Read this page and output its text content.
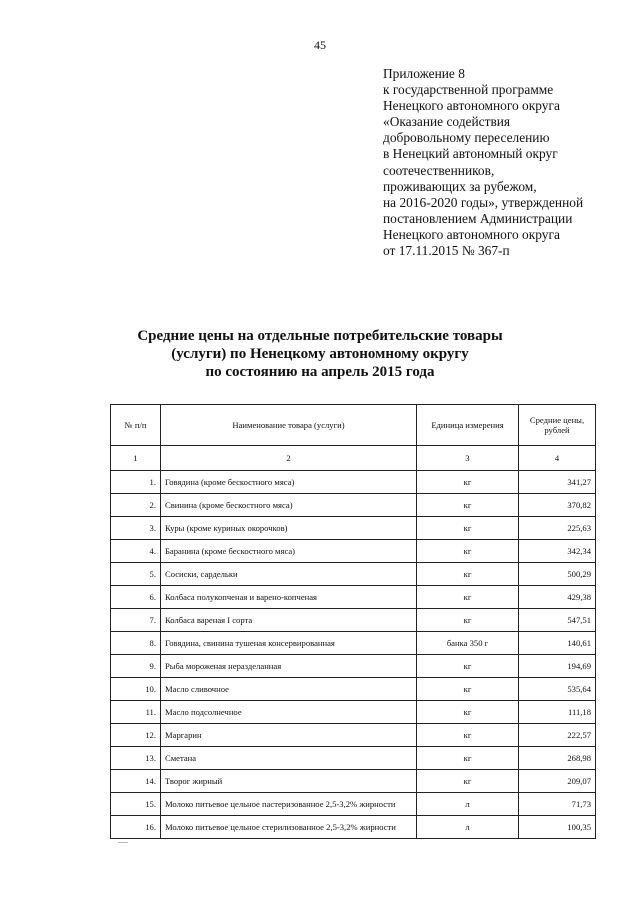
45
Приложение 8
к государственной программе
Ненецкого автономного округа
«Оказание содействия
добровольному переселению
в Ненецкий автономный округ
соотечественников,
проживающих за рубежом,
на 2016-2020 годы», утвержденной
постановлением Администрации
Ненецкого автономного округа
от 17.11.2015 № 367-п
Средние цены на отдельные потребительские товары
(услуги) по Ненецкому автономному округу
по состоянию на апрель 2015 года
№ п/п	Наименование товара (услуги)	Единица измерения	Средние цены, рублей
1	2	3	4
1.	Говядина (кроме бескостного мяса)	кг	341,27
2.	Свинина (кроме бескостного мяса)	кг	370,82
3.	Куры (кроме куриных окорочков)	кг	225,63
4.	Баранина (кроме бескостного мяса)	кг	342,34
5.	Сосиски, сардельки	кг	500,29
6.	Колбаса полукопченая и варено-копченая	кг	429,38
7.	Колбаса вареная I сорта	кг	547,51
8.	Говядина, свинина тушеная консервированная	банка 350 г	140,61
9.	Рыба мороженая неразделанная	кг	194,69
10.	Масло сливочное	кг	535,64
11.	Масло подсолнечное	кг	111,18
12.	Маргарин	кг	222,57
13.	Сметана	кг	268,98
14.	Творог жирный	кг	209,07
15.	Молоко питьевое цельное пастеризованное 2,5-3,2% жирности	л	71,73
16.	Молоко питьевое цельное стерилизованное 2,5-3,2% жирности	л	100,35
